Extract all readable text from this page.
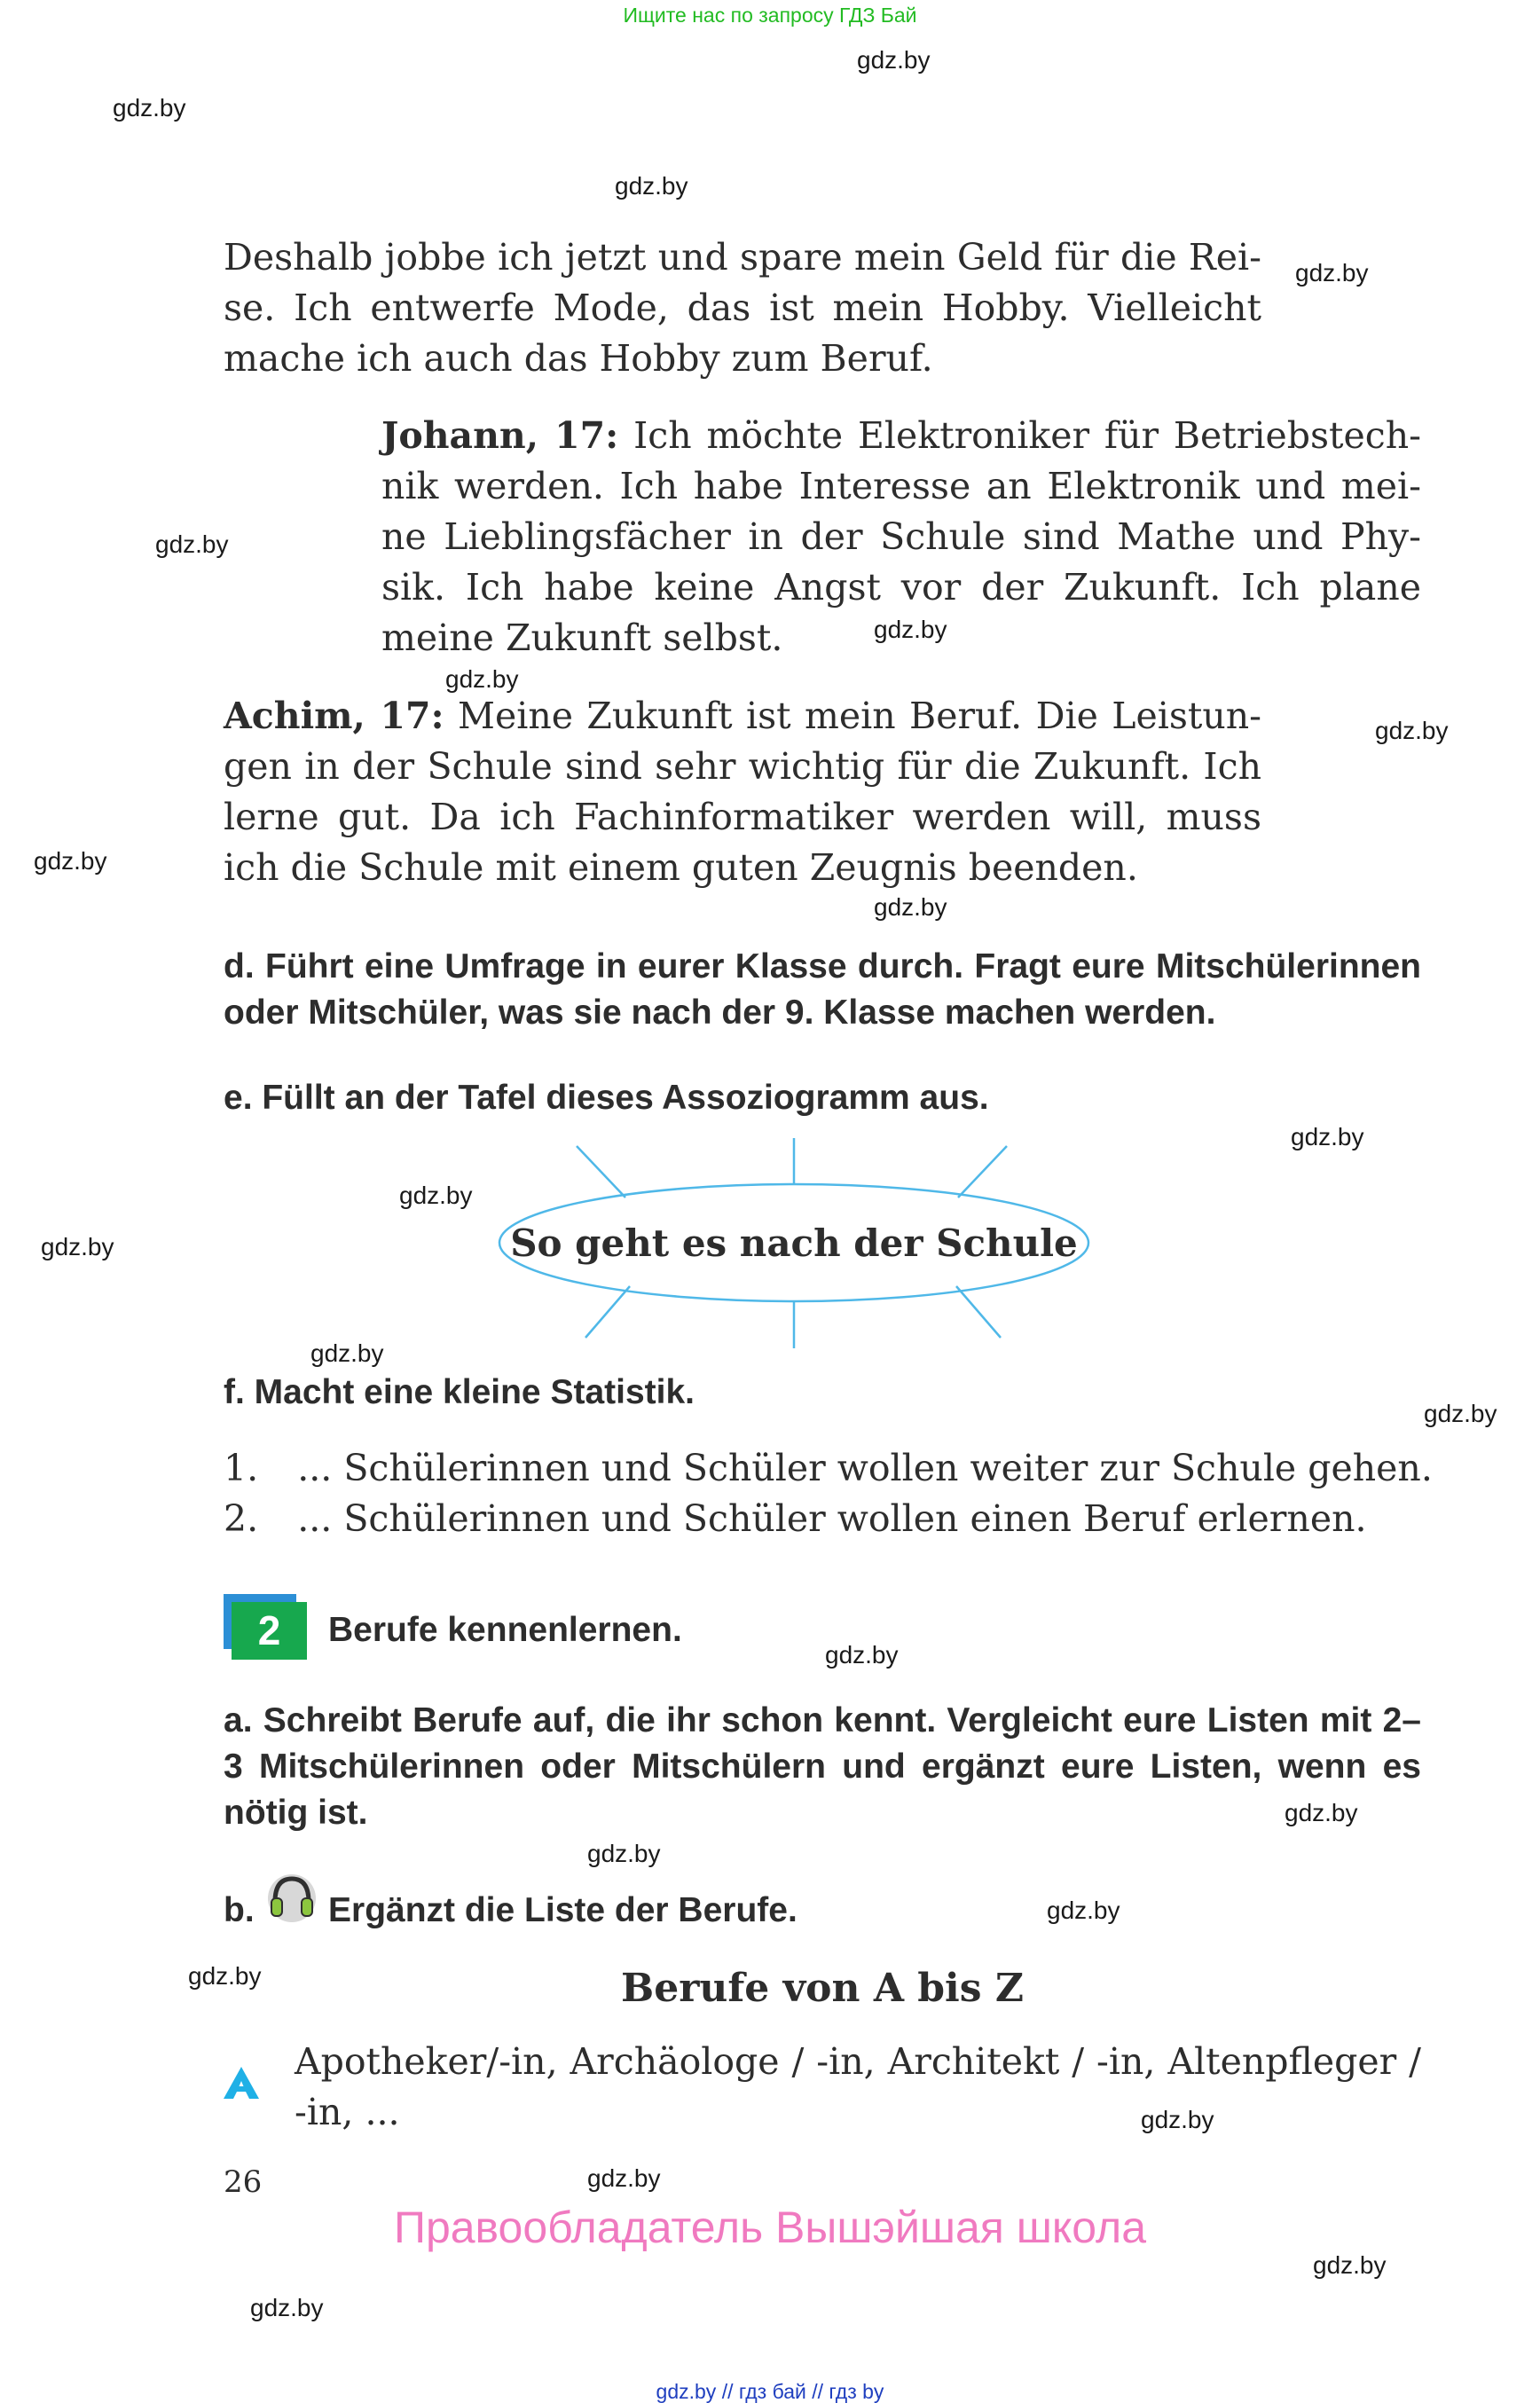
Ищите нас по запросу ГДЗ Бай
gdz.by
gdz.by
gdz.by
gdz.by
gdz.by
gdz.by
gdz.by
gdz.by
gdz.by
gdz.by
gdz.by
gdz.by
gdz.by
gdz.by
gdz.by
gdz.by
gdz.by
gdz.by
gdz.by
gdz.by
gdz.by
gdz.by
gdz.by
gdz.by

Deshalb jobbe ich jetzt und spare mein Geld für die Reise. Ich entwerfe Mode, das ist mein Hobby. Vielleicht mache ich auch das Hobby zum Beruf.

Johann, 17: Ich möchte Elektroniker für Betriebstechnik werden. Ich habe Interesse an Elektronik und meine Lieblingsfächer in der Schule sind Mathe und Physik. Ich habe keine Angst vor der Zukunft. Ich plane meine Zukunft selbst.

Achim, 17: Meine Zukunft ist mein Beruf. Die Leistungen in der Schule sind sehr wichtig für die Zukunft. Ich lerne gut. Da ich Fachinformatiker werden will, muss ich die Schule mit einem guten Zeugnis beenden.

d. Führt eine Umfrage in eurer Klasse durch. Fragt eure Mitschülerinnen oder Mitschüler, was sie nach der 9. Klasse machen werden.
e. Füllt an der Tafel dieses Assoziogramm aus.
So geht es nach der Schule
f. Macht eine kleine Statistik.
1. ... Schülerinnen und Schüler wollen weiter zur Schule gehen.
2. ... Schülerinnen und Schüler wollen einen Beruf erlernen.
2	Berufe kennenlernen.
a. Schreibt Berufe auf, die ihr schon kennt. Vergleicht eure Listen mit 2–3 Mitschülerinnen oder Mitschülern und ergänzt eure Listen, wenn es nötig ist.
b. Ergänzt die Liste der Berufe.
Berufe von A bis Z

Apotheker/-in, Archäologe / -in, Architekt / -in, Altenpfleger / -in, ...

26
Правообладатель Вышэйшая школа
gdz.by // гдз бай // гдз by
